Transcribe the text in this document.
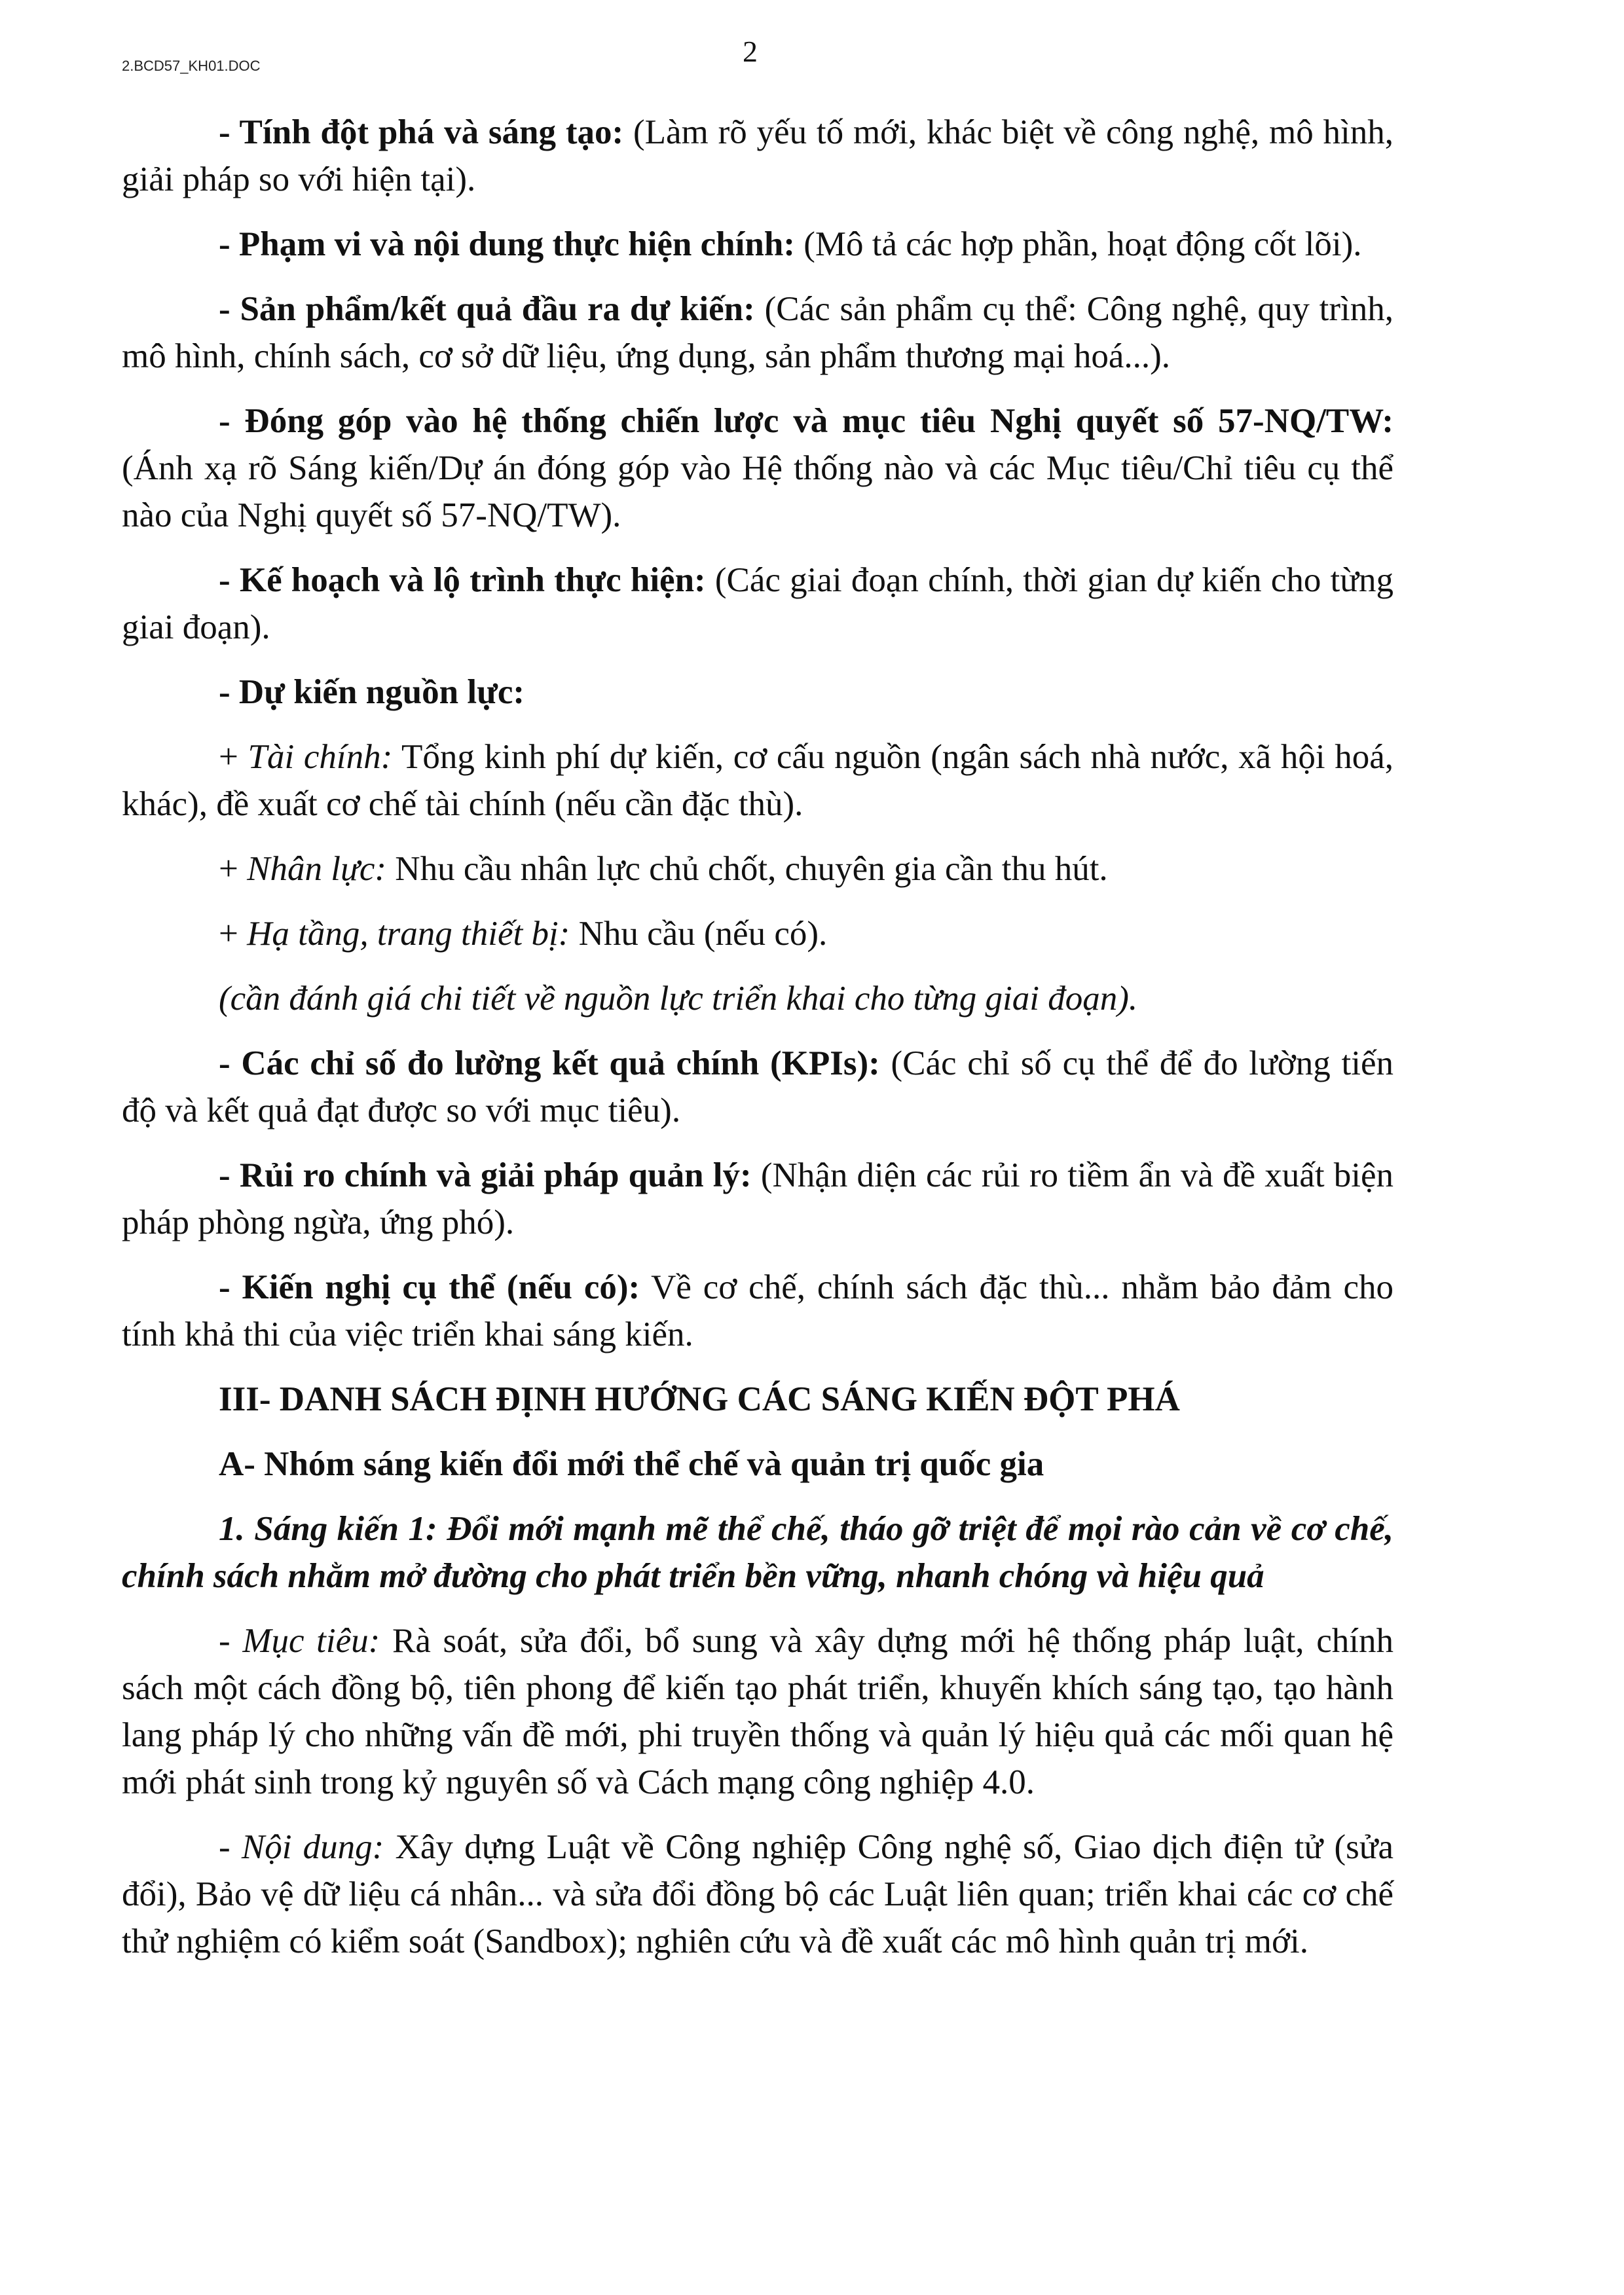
2.BCD57_KH01.DOC	2

- Tính đột phá và sáng tạo: (Làm rõ yếu tố mới, khác biệt về công nghệ, mô hình, giải pháp so với hiện tại).

- Phạm vi và nội dung thực hiện chính: (Mô tả các hợp phần, hoạt động cốt lõi).

- Sản phẩm/kết quả đầu ra dự kiến: (Các sản phẩm cụ thể: Công nghệ, quy trình, mô hình, chính sách, cơ sở dữ liệu, ứng dụng, sản phẩm thương mại hoá...).

- Đóng góp vào hệ thống chiến lược và mục tiêu Nghị quyết số 57-NQ/TW: (Ánh xạ rõ Sáng kiến/Dự án đóng góp vào Hệ thống nào và các Mục tiêu/Chỉ tiêu cụ thể nào của Nghị quyết số 57-NQ/TW).

- Kế hoạch và lộ trình thực hiện: (Các giai đoạn chính, thời gian dự kiến cho từng giai đoạn).

- Dự kiến nguồn lực:

+ Tài chính: Tổng kinh phí dự kiến, cơ cấu nguồn (ngân sách nhà nước, xã hội hoá, khác), đề xuất cơ chế tài chính (nếu cần đặc thù).

+ Nhân lực: Nhu cầu nhân lực chủ chốt, chuyên gia cần thu hút.

+ Hạ tầng, trang thiết bị: Nhu cầu (nếu có).

(cần đánh giá chi tiết về nguồn lực triển khai cho từng giai đoạn).

- Các chỉ số đo lường kết quả chính (KPIs): (Các chỉ số cụ thể để đo lường tiến độ và kết quả đạt được so với mục tiêu).

- Rủi ro chính và giải pháp quản lý: (Nhận diện các rủi ro tiềm ẩn và đề xuất biện pháp phòng ngừa, ứng phó).

- Kiến nghị cụ thể (nếu có): Về cơ chế, chính sách đặc thù... nhằm bảo đảm cho tính khả thi của việc triển khai sáng kiến.

III- DANH SÁCH ĐỊNH HƯỚNG CÁC SÁNG KIẾN ĐỘT PHÁ

A- Nhóm sáng kiến đổi mới thể chế và quản trị quốc gia

1. Sáng kiến 1: Đổi mới mạnh mẽ thể chế, tháo gỡ triệt để mọi rào cản về cơ chế, chính sách nhằm mở đường cho phát triển bền vững, nhanh chóng và hiệu quả

- Mục tiêu: Rà soát, sửa đổi, bổ sung và xây dựng mới hệ thống pháp luật, chính sách một cách đồng bộ, tiên phong để kiến tạo phát triển, khuyến khích sáng tạo, tạo hành lang pháp lý cho những vấn đề mới, phi truyền thống và quản lý hiệu quả các mối quan hệ mới phát sinh trong kỷ nguyên số và Cách mạng công nghiệp 4.0.

- Nội dung: Xây dựng Luật về Công nghiệp Công nghệ số, Giao dịch điện tử (sửa đổi), Bảo vệ dữ liệu cá nhân... và sửa đổi đồng bộ các Luật liên quan; triển khai các cơ chế thử nghiệm có kiểm soát (Sandbox); nghiên cứu và đề xuất các mô hình quản trị mới.
